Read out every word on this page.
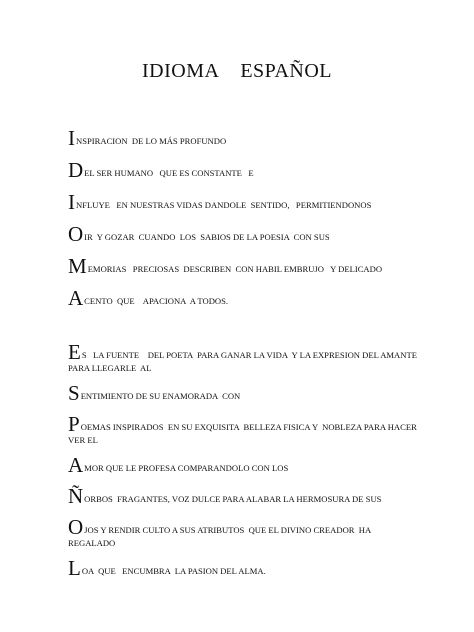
IDIOMA    ESPAÑOL
INSPIRACION  DE LO MÁS PROFUNDO
DEL SER HUMANO   QUE ES CONSTANTE   E
INFLUYE   EN NUESTRAS VIDAS DANDOLE  SENTIDO,   PERMITIENDONOS
OIR  Y GOZAR  CUANDO  LOS  SABIOS DE LA POESIA  CON SUS
MEMORIAS   PRECIOSAS  DESCRIBEN  CON HABIL EMBRUJO   Y DELICADO
ACENTO  QUE    APACIONA  A TODOS.
ES   LA FUENTE    DEL POETA  PARA GANAR LA VIDA  Y LA EXPRESION DEL AMANTE PARA LLEGARLE  AL
SENTIMIENTO DE SU ENAMORADA  CON
POEMAS INSPIRADOS  EN SU EXQUISITA  BELLEZA FISICA Y  NOBLEZA PARA HACER VER EL
AMOR QUE LE PROFESA COMPARANDOLO CON LOS
ÑORBOS  FRAGANTES, VOZ DULCE PARA ALABAR LA HERMOSURA DE SUS
OJOS Y RENDIR CULTO A SUS ATRIBUTOS  QUE EL DIVINO CREADOR  HA REGALADO
LOA  QUE   ENCUMBRA  LA PASION DEL ALMA.
